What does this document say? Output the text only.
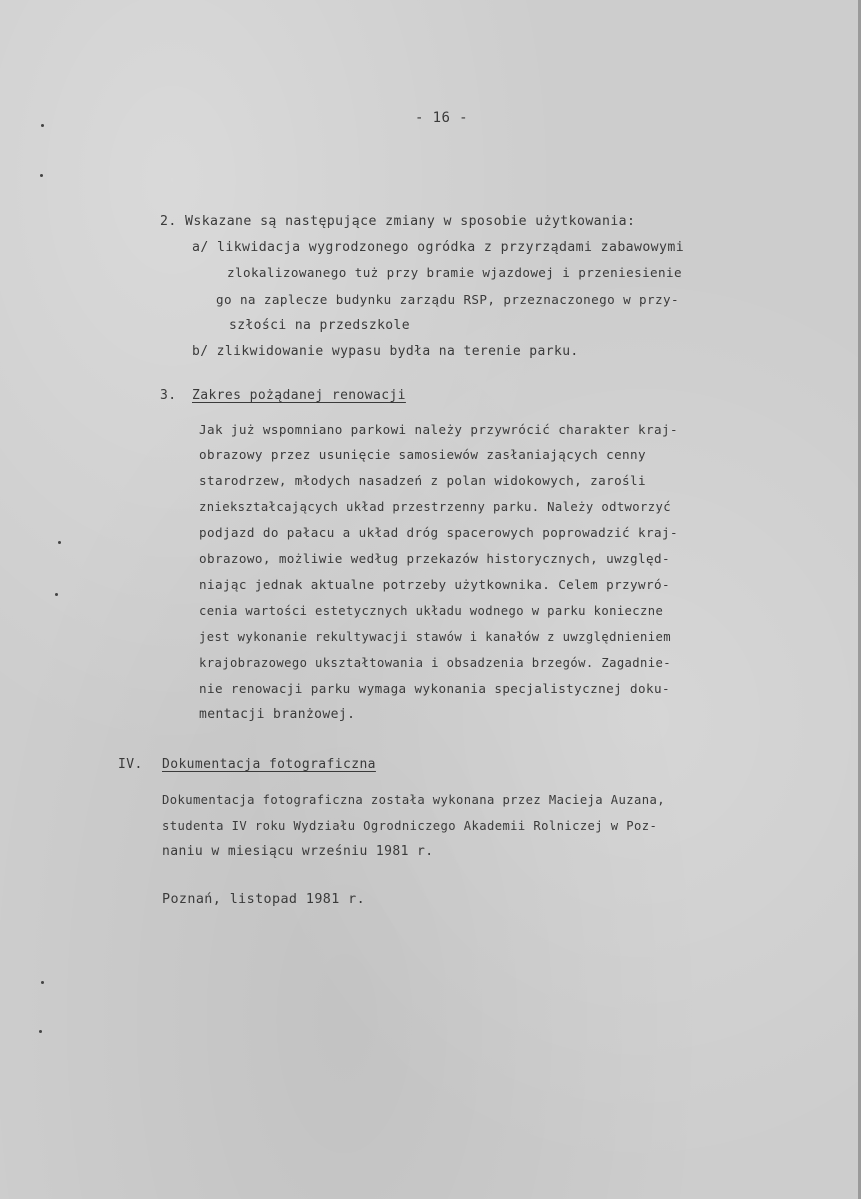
- 16 -
2. Wskazane są następujące zmiany w sposobie użytkowania:
a/ likwidacja wygrodzonego ogródka z przyrządami zabawowymi
zlokalizowanego tuż przy bramie wjazdowej i przeniesienie
go na zaplecze budynku zarządu RSP, przeznaczonego w przy-
szłości na przedszkole
b/ zlikwidowanie wypasu bydła na terenie parku.
3. Zakres pożądanej renowacji
Jak już wspomniano parkowi należy przywrócić charakter kraj-
obrazowy przez usunięcie samosiewów zasłaniających cenny
starodrzew, młodych nasadzeń z polan widokowych, zarośli
zniekształcających układ przestrzenny parku. Należy odtworzyć
podjazd do pałacu a układ dróg spacerowych poprowadzić kraj-
obrazowo, możliwie według przekazów historycznych, uwzględ-
niając jednak aktualne potrzeby użytkownika. Celem przywró-
cenia wartości estetycznych układu wodnego w parku konieczne
jest wykonanie rekultywacji stawów i kanałów z uwzględnieniem
krajobrazowego ukształtowania i obsadzenia brzegów. Zagadnie-
nie renowacji parku wymaga wykonania specjalistycznej doku-
mentacji branżowej.
IV. Dokumentacja fotograficzna
Dokumentacja fotograficzna została wykonana przez Macieja Auzana,
studenta IV roku Wydziału Ogrodniczego Akademii Rolniczej w Poz-
naniu w miesiącu wrześniu 1981 r.
Poznań, listopad 1981 r.
